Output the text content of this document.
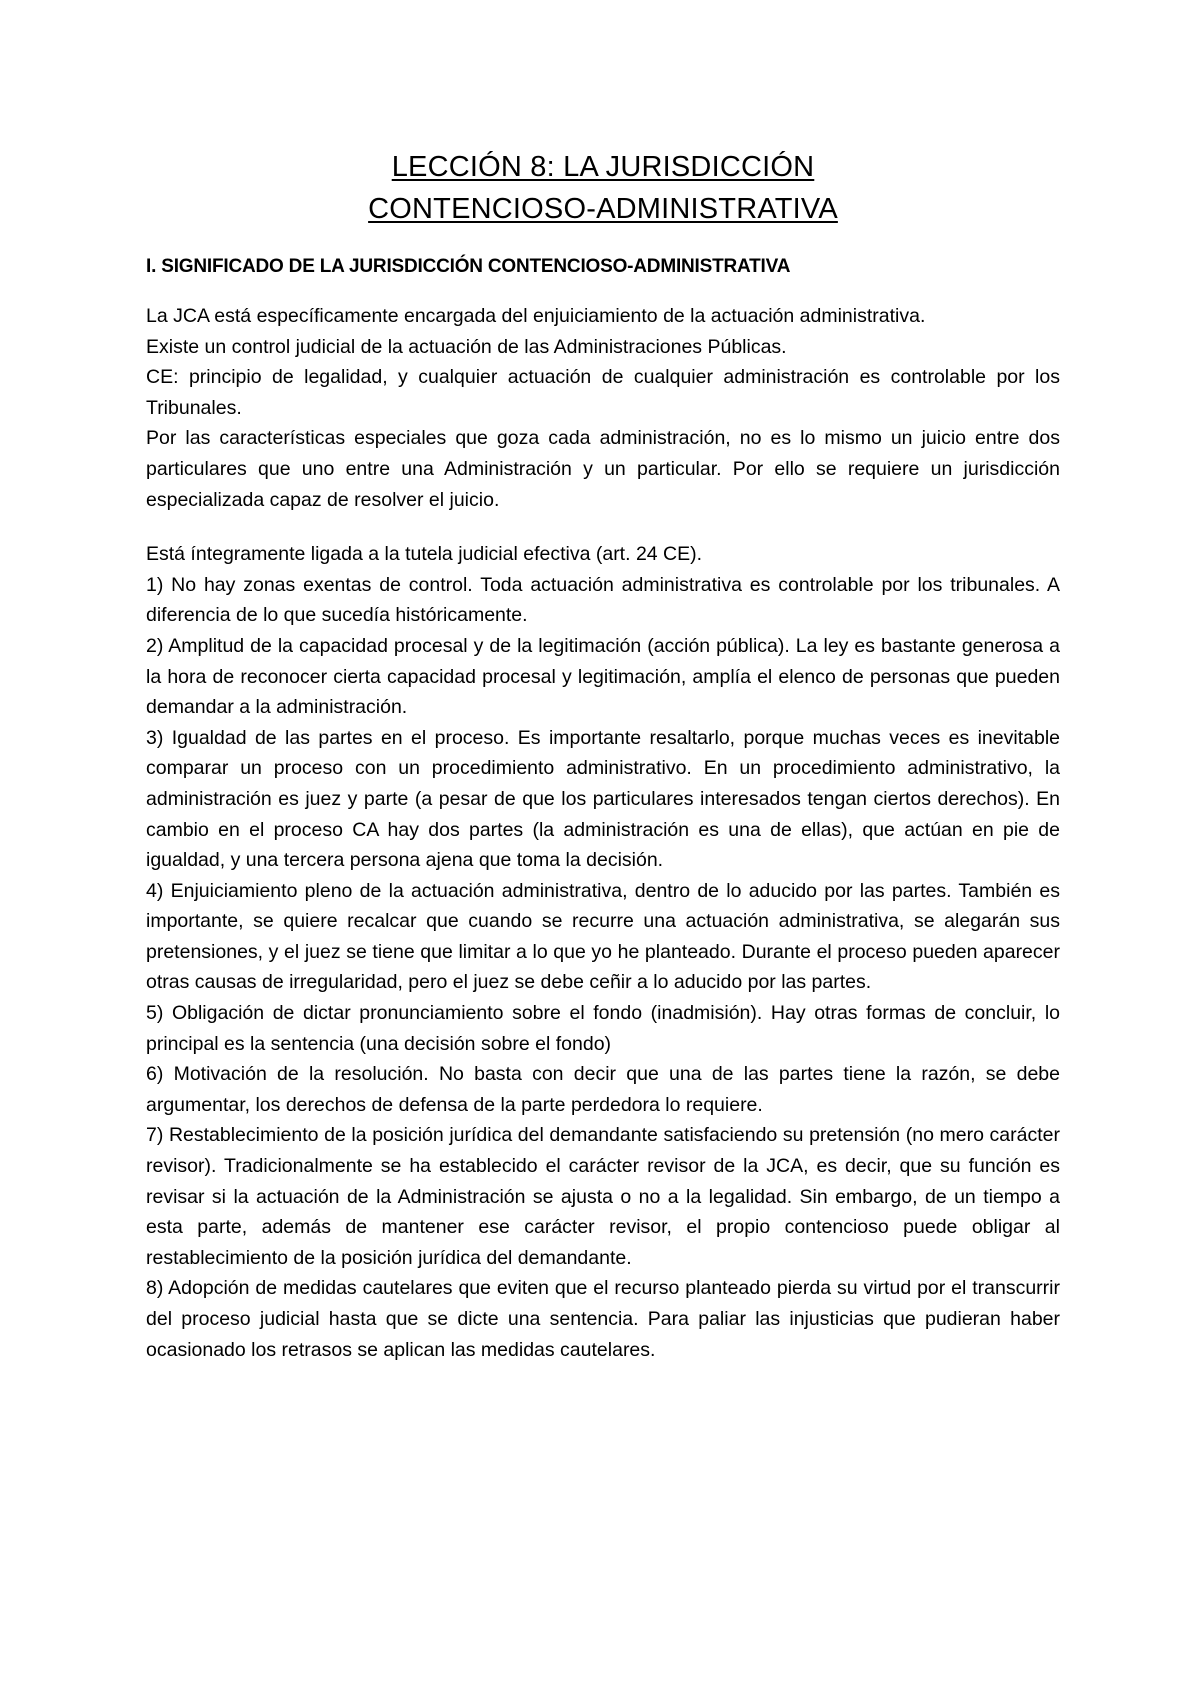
LECCIÓN 8: LA JURISDICCIÓN
CONTENCIOSO-ADMINISTRATIVA
I. SIGNIFICADO DE LA JURISDICCIÓN CONTENCIOSO-ADMINISTRATIVA

La JCA está específicamente encargada del enjuiciamiento de la actuación administrativa.

Existe un control judicial de la actuación de las Administraciones Públicas.

CE: principio de legalidad, y cualquier actuación de cualquier administración es controlable por los Tribunales.

Por las características especiales que goza cada administración, no es lo mismo un juicio entre dos particulares que uno entre una Administración y un particular. Por ello se requiere un jurisdicción especializada capaz de resolver el juicio.

Está íntegramente ligada a la tutela judicial efectiva (art. 24 CE).

1) No hay zonas exentas de control. Toda actuación administrativa es controlable por los tribunales. A diferencia de lo que sucedía históricamente.

2) Amplitud de la capacidad procesal y de la legitimación (acción pública). La ley es bastante generosa a la hora de reconocer cierta capacidad procesal y legitimación, amplía el elenco de personas que pueden demandar a la administración.

3) Igualdad de las partes en el proceso. Es importante resaltarlo, porque muchas veces es inevitable comparar un proceso con un procedimiento administrativo. En un procedimiento administrativo, la administración es juez y parte (a pesar de que los particulares interesados tengan ciertos derechos). En cambio en el proceso CA hay dos partes (la administración es una de ellas), que actúan en pie de igualdad, y una tercera persona ajena que toma la decisión.

4) Enjuiciamiento pleno de la actuación administrativa, dentro de lo aducido por las partes. También es importante, se quiere recalcar que cuando se recurre una actuación administrativa, se alegarán sus pretensiones, y el juez se tiene que limitar a lo que yo he planteado. Durante el proceso pueden aparecer otras causas de irregularidad, pero el juez se debe ceñir a lo aducido por las partes.

5) Obligación de dictar pronunciamiento sobre el fondo (inadmisión). Hay otras formas de concluir, lo principal es la sentencia (una decisión sobre el fondo)

6) Motivación de la resolución. No basta con decir que una de las partes tiene la razón, se debe argumentar, los derechos de defensa de la parte perdedora lo requiere.

7) Restablecimiento de la posición jurídica del demandante satisfaciendo su pretensión (no mero carácter revisor). Tradicionalmente se ha establecido el carácter revisor de la JCA, es decir, que su función es revisar si la actuación de la Administración se ajusta o no a la legalidad. Sin embargo, de un tiempo a esta parte, además de mantener ese carácter revisor, el propio contencioso puede obligar al restablecimiento de la posición jurídica del demandante.

8) Adopción de medidas cautelares que eviten que el recurso planteado pierda su virtud por el transcurrir del proceso judicial hasta que se dicte una sentencia. Para paliar las injusticias que pudieran haber ocasionado los retrasos se aplican las medidas cautelares.
